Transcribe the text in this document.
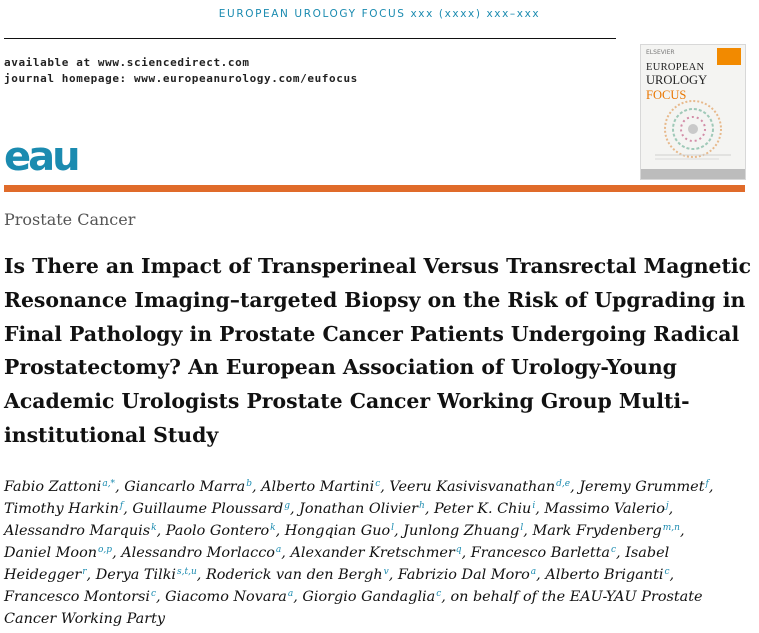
EUROPEAN UROLOGY FOCUS xxx (xxxx) xxx–xxx
available at www.sciencedirect.com
journal homepage: www.europeanurology.com/eufocus
eau
ELSEVIER
EUROPEAN
UROLOGY FOCUS
Prostate Cancer
Is There an Impact of Transperineal Versus Transrectal Magnetic
Resonance Imaging–targeted Biopsy on the Risk of Upgrading in
Final Pathology in Prostate Cancer Patients Undergoing Radical
Prostatectomy? An European Association of Urology-Young
Academic Urologists Prostate Cancer Working Group Multi-
institutional Study
Fabio Zattoni$^{a,*}$, Giancarlo Marra$^b$, Alberto Martini$^c$, Veeru Kasivisvanathan$^{d,e}$, Jeremy Grummet$^f$,
Timothy Harkin$^f$, Guillaume Ploussard$^g$, Jonathan Olivier$^h$, Peter K. Chiu$^i$, Massimo Valerio$^j$,
Alessandro Marquis$^k$, Paolo Gontero$^k$, Hongqian Guo$^l$, Junlong Zhuang$^l$, Mark Frydenberg$^{m,n}$,
Daniel Moon$^{o,p}$, Alessandro Morlacco$^a$, Alexander Kretschmer$^q$, Francesco Barletta$^c$, Isabel
Heidegger$^r$, Derya Tilki$^{s,t,u}$, Roderick van den Bergh$^v$, Fabrizio Dal Moro$^a$, Alberto Briganti$^c$,
Francesco Montorsi$^c$, Giacomo Novara$^a$, Giorgio Gandaglia$^c$, on behalf of the EAU-YAU Prostate
Cancer Working Party
